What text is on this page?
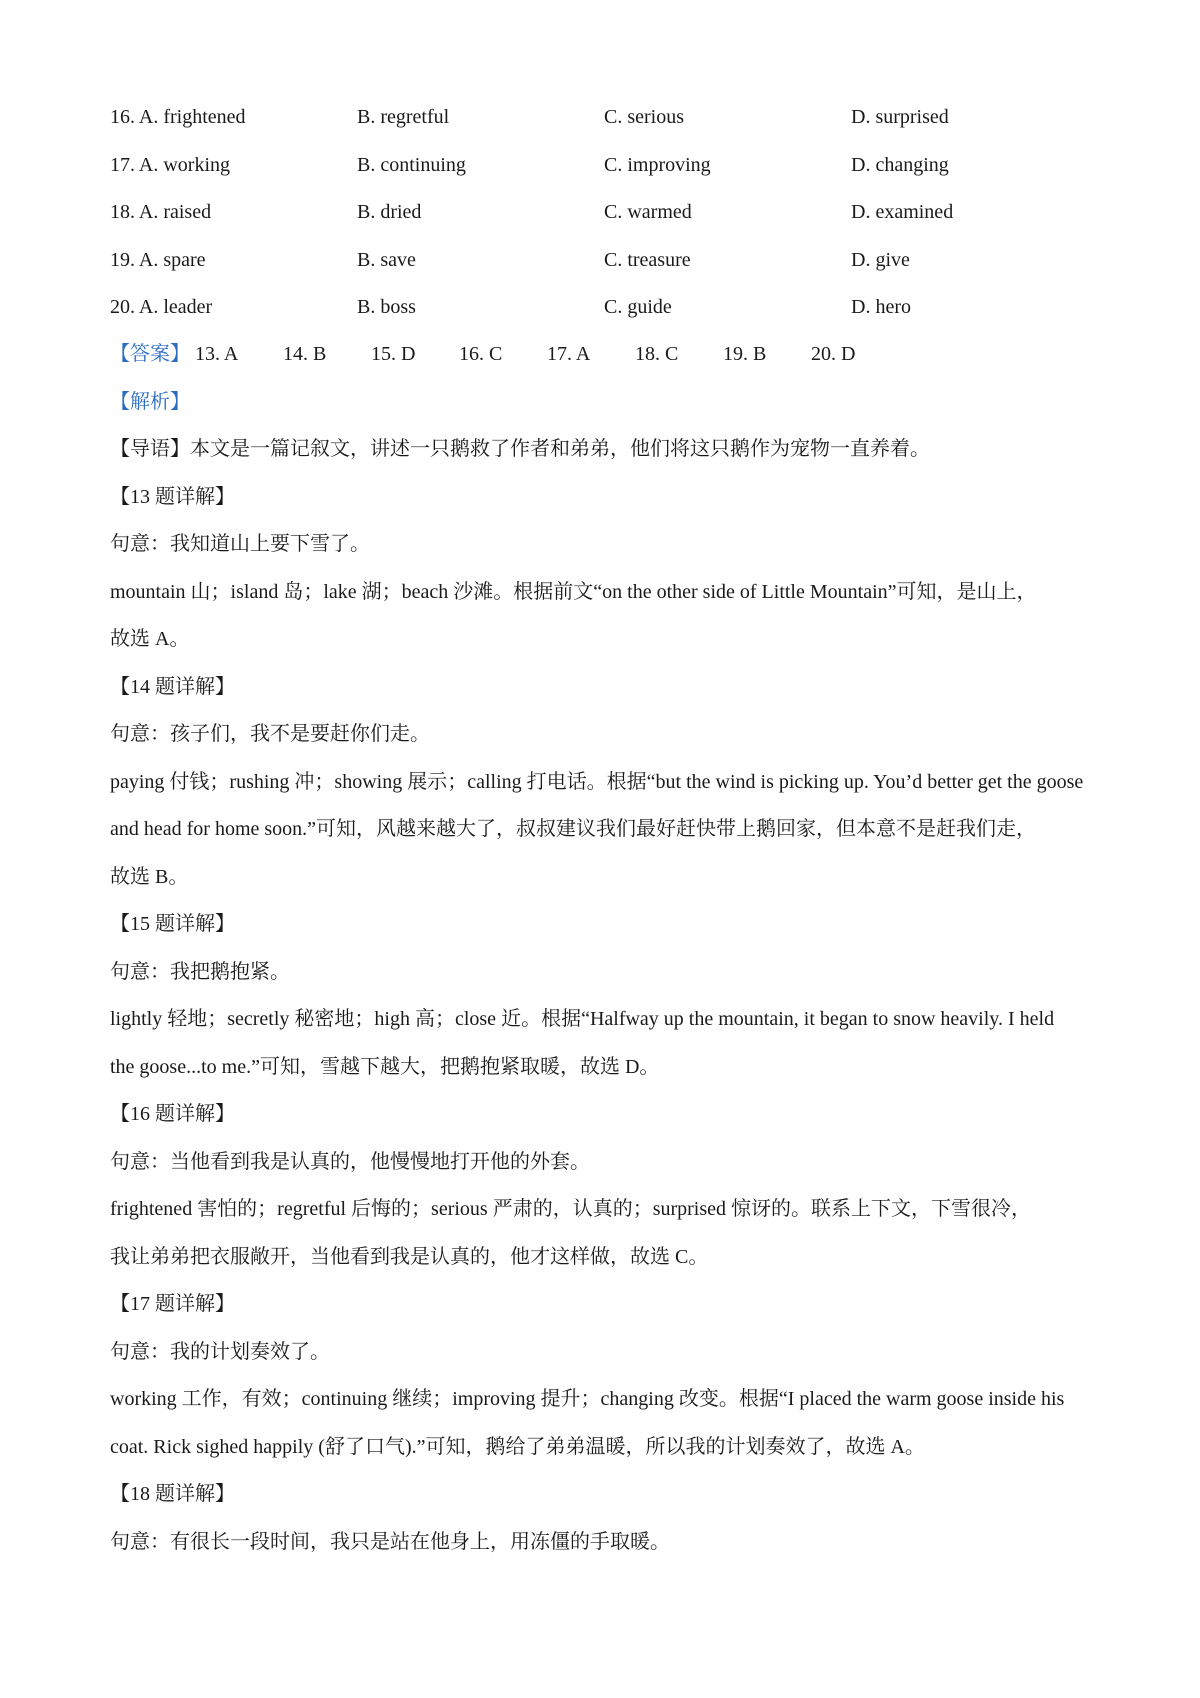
16. A. frightened	B. regretful	C. serious	D. surprised
17. A. working	B. continuing	C. improving	D. changing
18. A. raised	B. dried	C. warmed	D. examined
19. A. spare	B. save	C. treasure	D. give
20. A. leader	B. boss	C. guide	D. hero
【答案】 13. A 14. B 15. D 16. C 17. A 18. C 19. B 20. D
【解析】
【导语】本文是一篇记叙文，讲述一只鹅救了作者和弟弟，他们将这只鹅作为宠物一直养着。
【13 题详解】
句意：我知道山上要下雪了。
mountain 山；island 岛；lake 湖；beach 沙滩。根据前文“on the other side of Little Mountain”可知，是山上，
故选 A。
【14 题详解】
句意：孩子们，我不是要赶你们走。
paying 付钱；rushing 冲；showing 展示；calling 打电话。根据“but the wind is picking up. You’d better get the goose
and head for home soon.”可知，风越来越大了，叔叔建议我们最好赶快带上鹅回家，但本意不是赶我们走，
故选 B。
【15 题详解】
句意：我把鹅抱紧。
lightly 轻地；secretly 秘密地；high 高；close 近。根据“Halfway up the mountain, it began to snow heavily. I held
the goose...to me.”可知，雪越下越大，把鹅抱紧取暖，故选 D。
【16 题详解】
句意：当他看到我是认真的，他慢慢地打开他的外套。
frightened 害怕的；regretful 后悔的；serious 严肃的，认真的；surprised 惊讶的。联系上下文，下雪很冷，
我让弟弟把衣服敞开，当他看到我是认真的，他才这样做，故选 C。
【17 题详解】
句意：我的计划奏效了。
working 工作，有效；continuing 继续；improving 提升；changing 改变。根据“I placed the warm goose inside his
coat. Rick sighed happily (舒了口气).”可知，鹅给了弟弟温暖，所以我的计划奏效了，故选 A。
【18 题详解】
句意：有很长一段时间，我只是站在他身上，用冻僵的手取暖。
